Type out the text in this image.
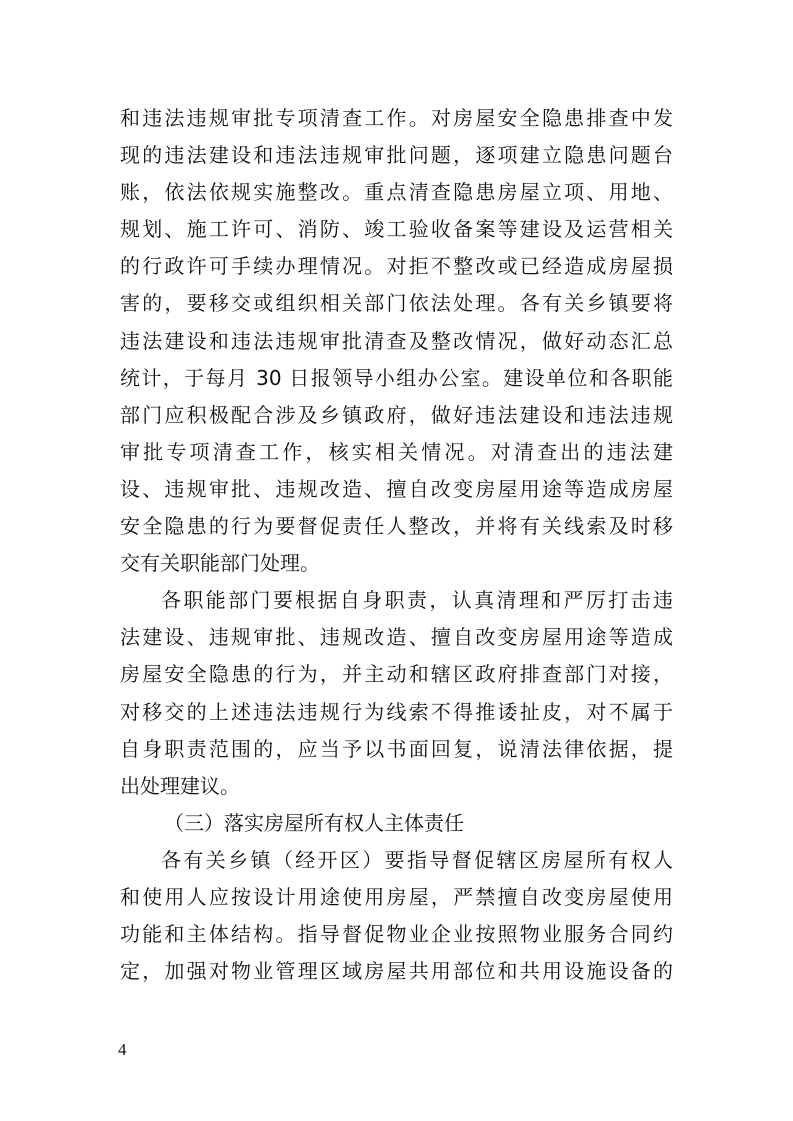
和违法违规审批专项清查工作。对房屋安全隐患排查中发
现的违法建设和违法违规审批问题，逐项建立隐患问题台
账，依法依规实施整改。重点清查隐患房屋立项、用地、
规划、施工许可、消防、竣工验收备案等建设及运营相关
的行政许可手续办理情况。对拒不整改或已经造成房屋损
害的，要移交或组织相关部门依法处理。各有关乡镇要将
违法建设和违法违规审批清查及整改情况，做好动态汇总
统计，于每月 30 日报领导小组办公室。建设单位和各职能
部门应积极配合涉及乡镇政府，做好违法建设和违法违规
审批专项清查工作，核实相关情况。对清查出的违法建
设、违规审批、违规改造、擅自改变房屋用途等造成房屋
安全隐患的行为要督促责任人整改，并将有关线索及时移
交有关职能部门处理。
各职能部门要根据自身职责，认真清理和严厉打击违
法建设、违规审批、违规改造、擅自改变房屋用途等造成
房屋安全隐患的行为，并主动和辖区政府排查部门对接，
对移交的上述违法违规行为线索不得推诿扯皮，对不属于
自身职责范围的，应当予以书面回复，说清法律依据，提
出处理建议。
（三）落实房屋所有权人主体责任
各有关乡镇（经开区）要指导督促辖区房屋所有权人
和使用人应按设计用途使用房屋，严禁擅自改变房屋使用
功能和主体结构。指导督促物业企业按照物业服务合同约
定，加强对物业管理区域房屋共用部位和共用设施设备的
4
